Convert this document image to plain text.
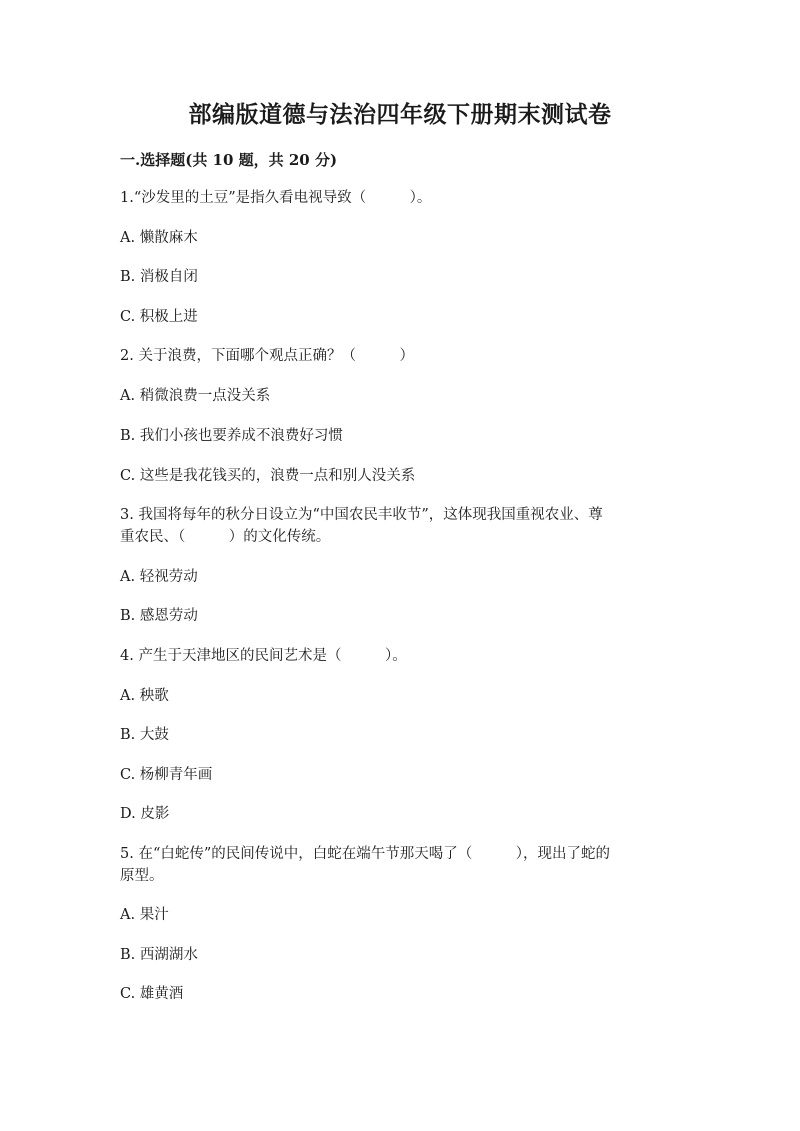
部编版道德与法治四年级下册期末测试卷
一.选择题(共 10 题，共 20 分)
1.“沙发里的土豆”是指久看电视导致（　　　）。
A. 懒散麻木
B. 消极自闭
C. 积极上进
2. 关于浪费，下面哪个观点正确？（　　　）
A. 稍微浪费一点没关系
B. 我们小孩也要养成不浪费好习惯
C. 这些是我花钱买的，浪费一点和别人没关系
3. 我国将每年的秋分日设立为“中国农民丰收节”，这体现我国重视农业、尊
重农民、（　　　）的文化传统。
A. 轻视劳动
B. 感恩劳动
4. 产生于天津地区的民间艺术是（　　　）。
A. 秧歌
B. 大鼓
C. 杨柳青年画
D. 皮影
5. 在“白蛇传”的民间传说中，白蛇在端午节那天喝了（　　　），现出了蛇的
原型。
A. 果汁
B. 西湖湖水
C. 雄黄酒
